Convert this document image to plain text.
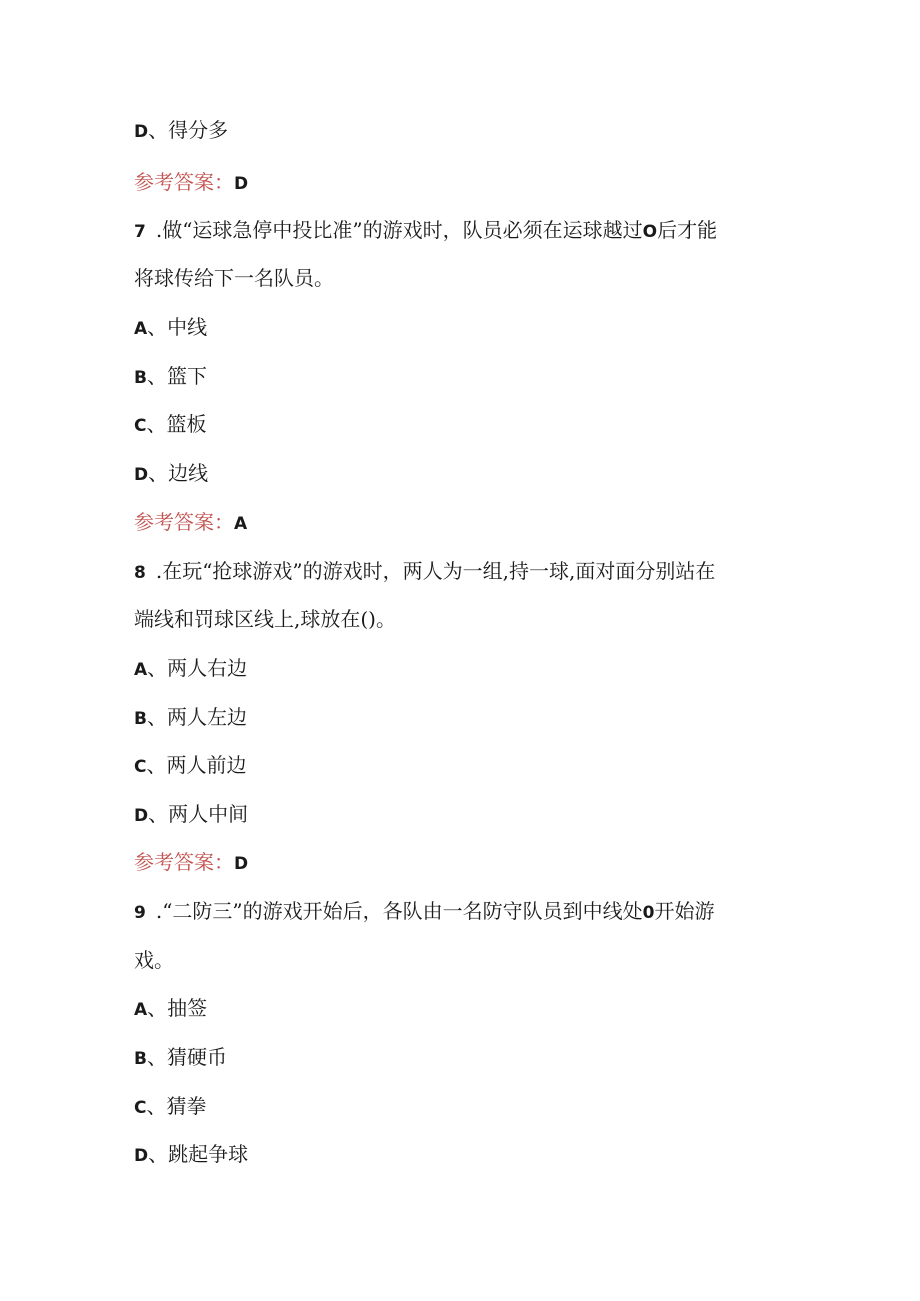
D、得分多
参考答案：D
7 .做“运球急停中投比准”的游戏时，队员必须在运球越过O后才能
将球传给下一名队员。
A、中线
B、篮下
C、篮板
D、边线
参考答案：A
8 .在玩“抢球游戏”的游戏时，两人为一组,持一球,面对面分别站在
端线和罚球区线上,球放在()。
A、两人右边
B、两人左边
C、两人前边
D、两人中间
参考答案：D
9 .“二防三”的游戏开始后，各队由一名防守队员到中线处0开始游
戏。
A、抽签
B、猜硬币
C、猜拳
D、跳起争球
